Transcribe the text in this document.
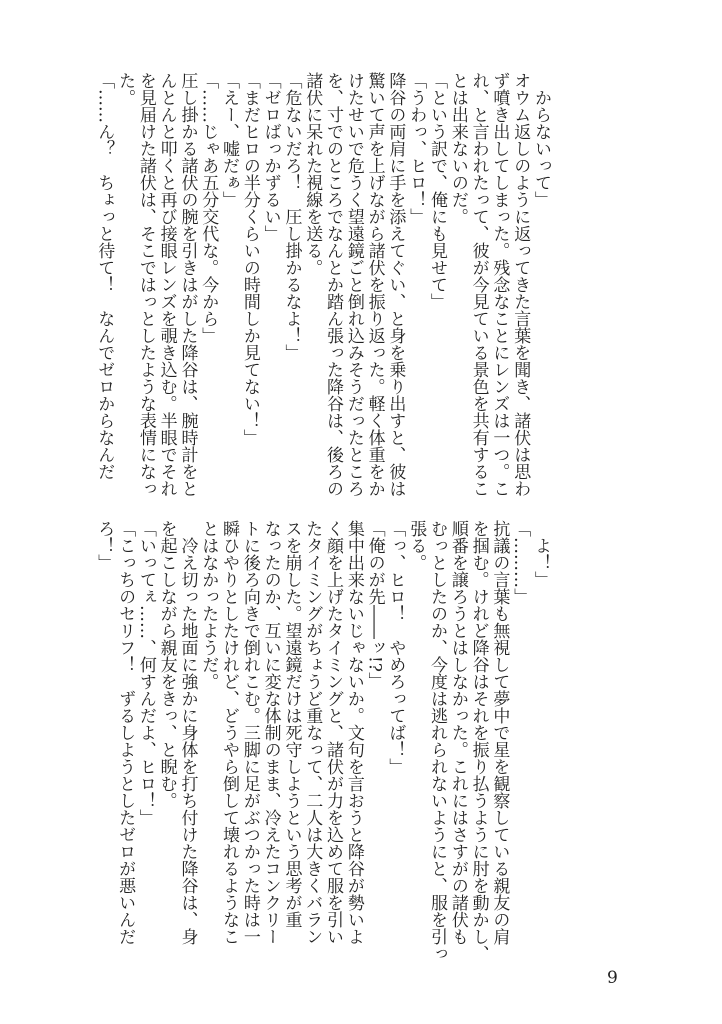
　からないって」
オウム返しのように返ってきた言葉を聞き、諸伏は思わ
ず噴き出してしまった。残念なことにレンズは一つ。こ
れ、と言われたって、彼が今見ている景色を共有するこ
とは出来ないのだ。
「という訳で、俺にも見せて」
「うわっ、ヒロ！」
降谷の両肩に手を添えてぐい、と身を乗り出すと、彼は
驚いて声を上げながら諸伏を振り返った。軽く体重をか
けたせいで危うく望遠鏡ごと倒れ込みそうだったところ
を、寸でのところでなんとか踏ん張った降谷は、後ろの
諸伏に呆れた視線を送る。
「危ないだろ！　圧し掛かるなよ！」
「ゼロばっかずるい」
「まだヒロの半分くらいの時間しか見てない！」
「えー、嘘だぁ」
「……じゃあ五分交代な。今から」
圧し掛かる諸伏の腕を引きはがした降谷は、腕時計をと
んとんと叩くと再び接眼レンズを覗き込む。半眼でそれ
を見届けた諸伏は、そこではっとしたような表情になっ
た。
「……ん？　ちょっと待て！　なんでゼロからなんだ
　よ！」
「………」
抗議の言葉も無視して夢中で星を観察している親友の肩
を掴む。けれど降谷はそれを振り払うように肘を動かし、
順番を譲ろうとはしなかった。これにはさすがの諸伏も
むっとしたのか、今度は逃れられないようにと、服を引っ
張る。
「っ、ヒロ！　やめろってば！」
「俺のが先――ッ!?」
集中出来ないじゃないか。文句を言おうと降谷が勢いよ
く顔を上げたタイミングと、諸伏が力を込めて服を引い
たタイミングがちょうど重なって、二人は大きくバラン
スを崩した。望遠鏡だけは死守しようという思考が重
なったのか、互いに変な体制のまま、冷えたコンクリー
トに後ろ向きで倒れこむ。三脚に足がぶつかった時は一
瞬ひやりとしたけれど、どうやら倒して壊れるようなこ
とはなかったようだ。
　冷え切った地面に強かに身体を打ち付けた降谷は、身
を起こしながら親友をきっ、と睨む。
「いってぇ……、何すんだよ、ヒロ！」
「こっちのセリフ！　ずるしようとしたゼロが悪いんだ
ろ！」
9
